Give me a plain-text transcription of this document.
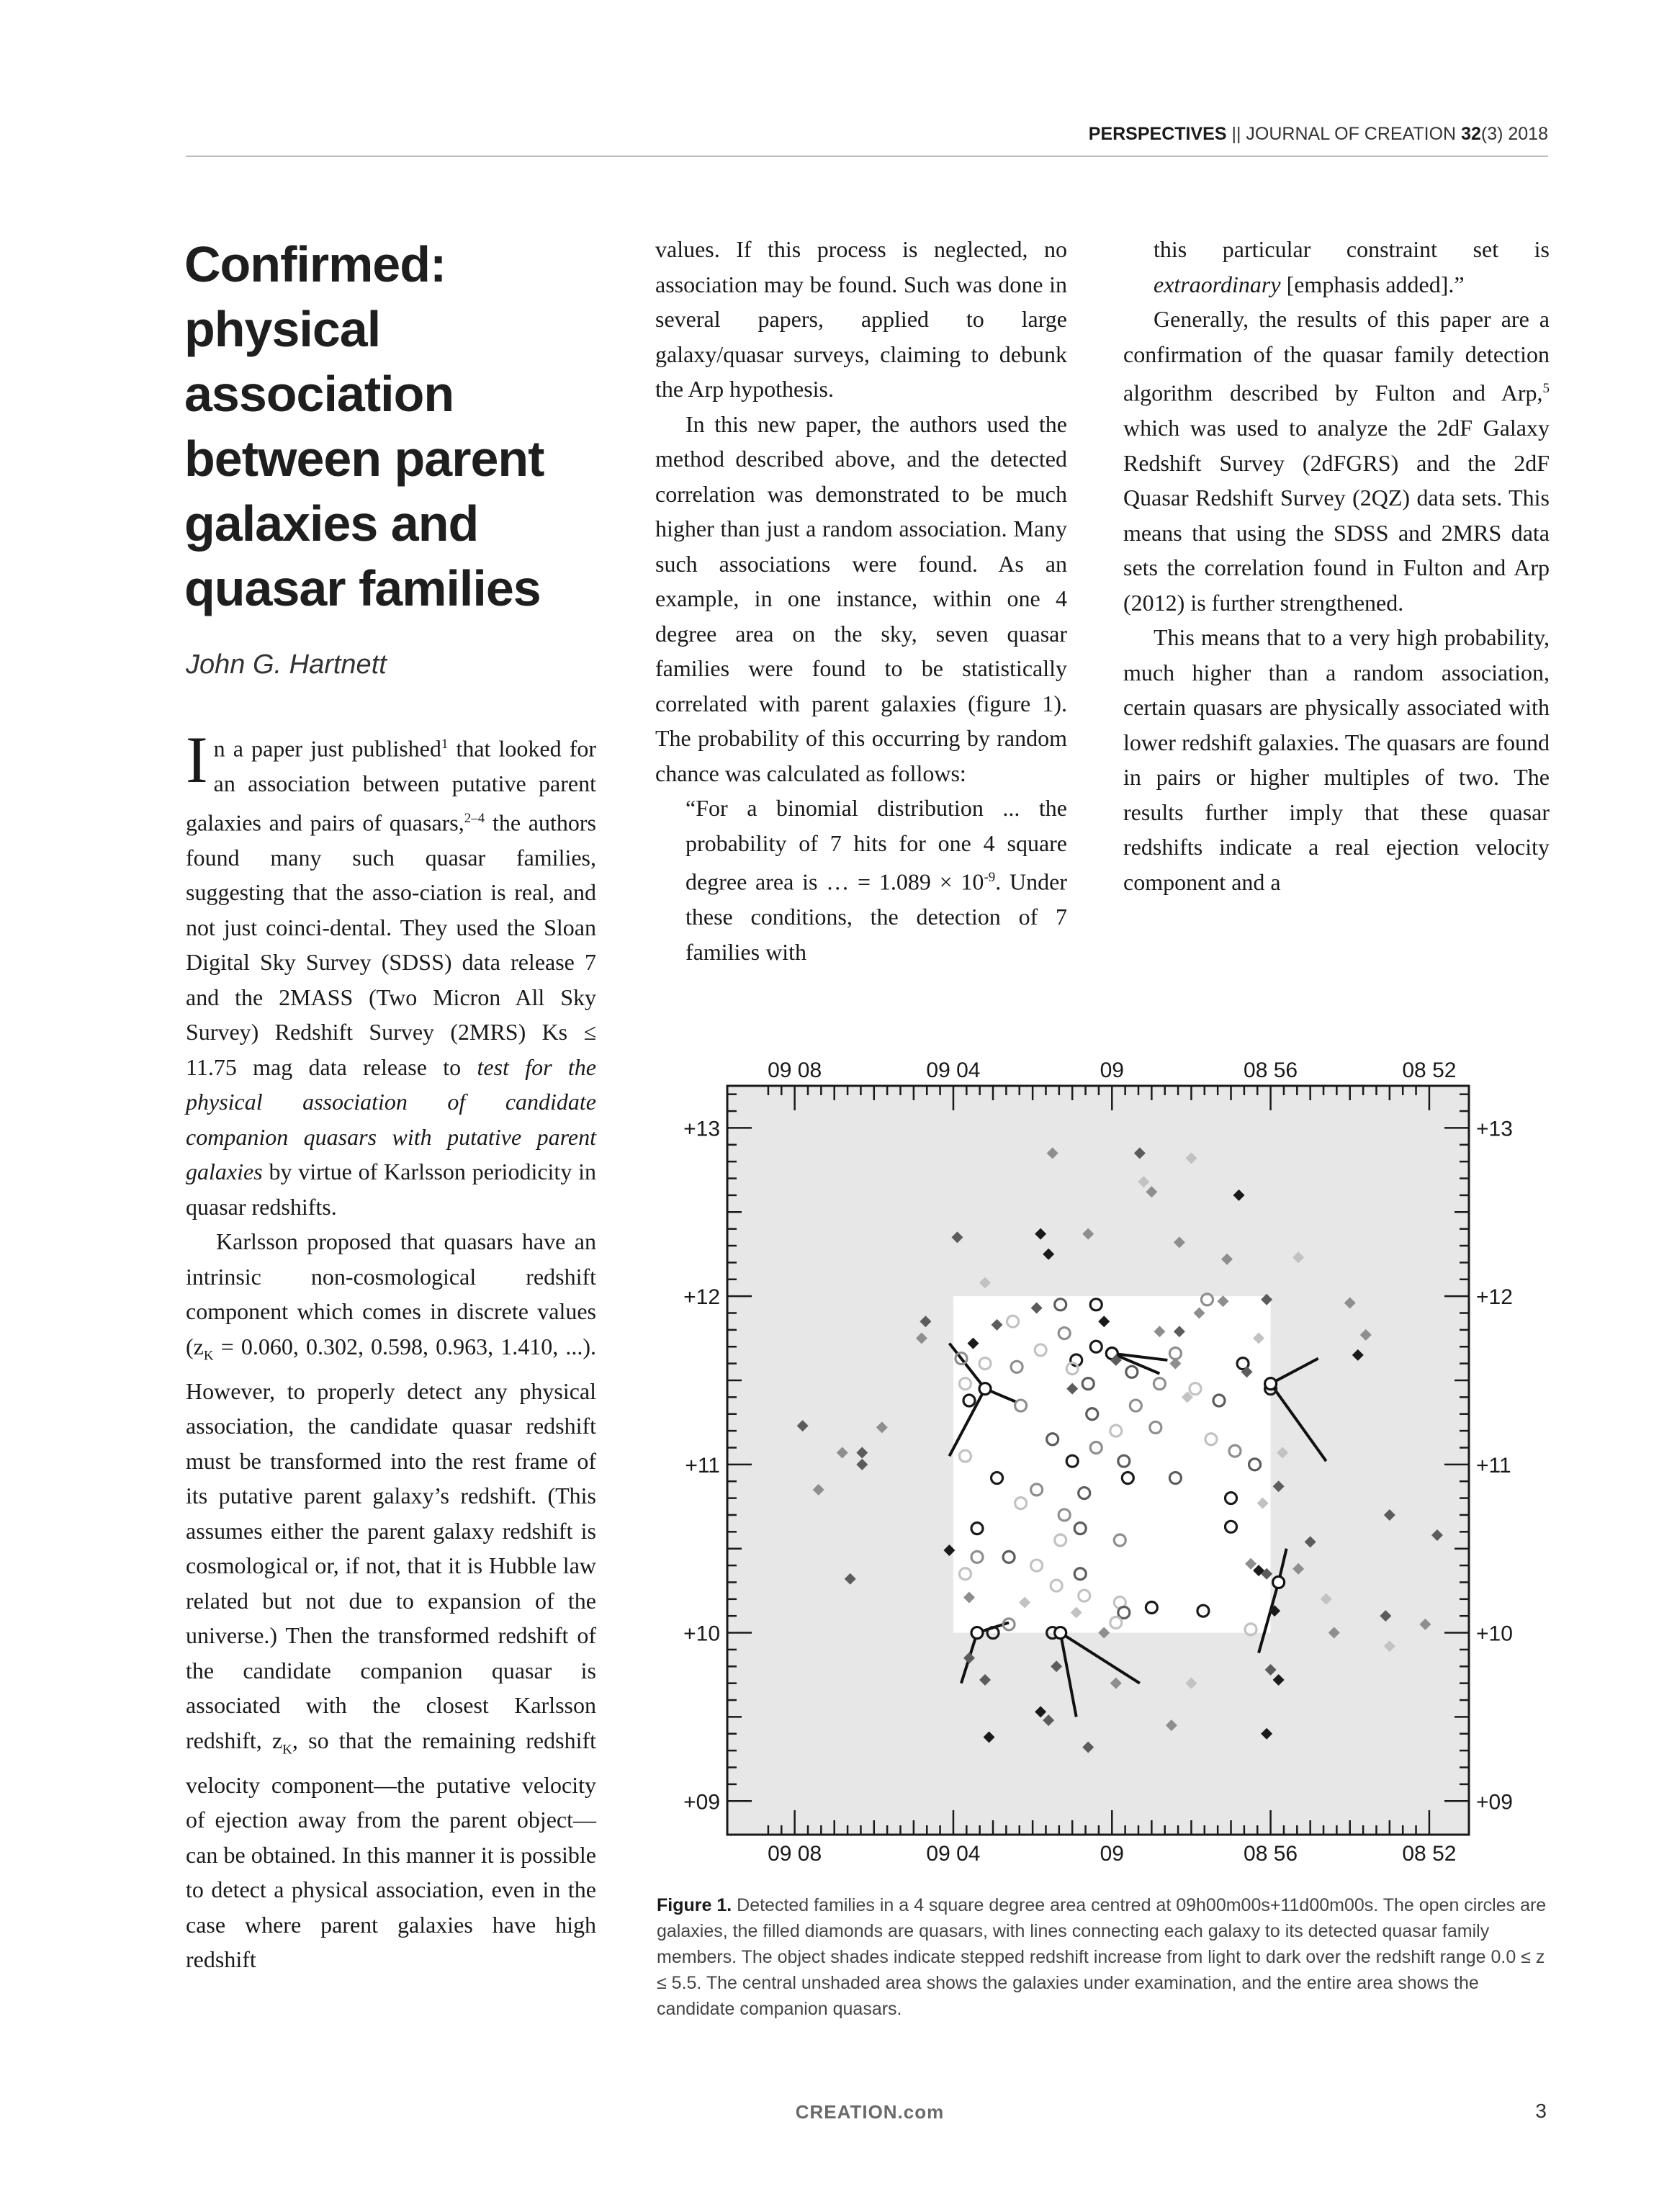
PERSPECTIVES || JOURNAL OF CREATION 32(3) 2018
Confirmed: physical association between parent galaxies and quasar families
John G. Hartnett

In a paper just published$^1$ that looked for an association between putative parent galaxies and pairs of quasars,$^{2-4}$ the authors found many such quasar families, suggesting that the asso-ciation is real, and not just coinci-dental. They used the Sloan Digital Sky Survey (SDSS) data release 7 and the 2MASS (Two Micron All Sky Survey) Redshift Survey (2MRS) Ks ≤ 11.75 mag data release to test for the physical association of candidate companion quasars with putative parent galaxies by virtue of Karlsson periodicity in quasar redshifts.

Karlsson proposed that quasars have an intrinsic non-cosmological redshift component which comes in discrete values ($z_K = 0.060$, 0.302, 0.598, 0.963, 1.410, ...). However, to properly detect any physical association, the candidate quasar redshift must be transformed into the rest frame of its putative parent galaxy’s redshift. (This assumes either the parent galaxy redshift is cosmological or, if not, that it is Hubble law related but not due to expansion of the universe.) Then the transformed redshift of the candidate companion quasar is associated with the closest Karlsson redshift, $z_K$, so that the remaining redshift velocity component—the putative velocity of ejection away from the parent object—can be obtained. In this manner it is possible to detect a physical association, even in the case where parent galaxies have high redshift

values. If this process is neglected, no association may be found. Such was done in several papers, applied to large galaxy/quasar surveys, claiming to debunk the Arp hypothesis.

In this new paper, the authors used the method described above, and the detected correlation was demonstrated to be much higher than just a random association. Many such associations were found. As an example, in one instance, within one 4 degree area on the sky, seven quasar families were found to be statistically correlated with parent galaxies (figure 1). The probability of this occurring by random chance was calculated as follows:

“For a binomial distribution ... the probability of 7 hits for one 4 square degree area is … = $1.089 \times 10^{-9}$. Under these conditions, the detection of 7 families with

this particular constraint set is extraordinary [emphasis added].”

Generally, the results of this paper are a confirmation of the quasar family detection algorithm described by Fulton and Arp,$^5$ which was used to analyze the 2dF Galaxy Redshift Survey (2dFGRS) and the 2dF Quasar Redshift Survey (2QZ) data sets. This means that using the SDSS and 2MRS data sets the correlation found in Fulton and Arp (2012) is further strengthened.

This means that to a very high probability, much higher than a random association, certain quasars are physically associated with lower redshift galaxies. The quasars are found in pairs or higher multiples of two. The results further imply that these quasar redshifts indicate a real ejection velocity component and a

09 08
09 08
09 04
09 04
09
09
08 56
08 56
08 52
08 52
+13	+13
+12	+12
+11	+11
+10	+10
+09	+09
Figure 1. Detected families in a 4 square degree area centred at 09h00m00s+11d00m00s. The open circles are galaxies, the filled diamonds are quasars, with lines connecting each galaxy to its detected quasar family members. The object shades indicate stepped redshift increase from light to dark over the redshift range 0.0 ≤ z ≤ 5.5. The central unshaded area shows the galaxies under examination, and the entire area shows the candidate companion quasars.
CREATION.com	3
